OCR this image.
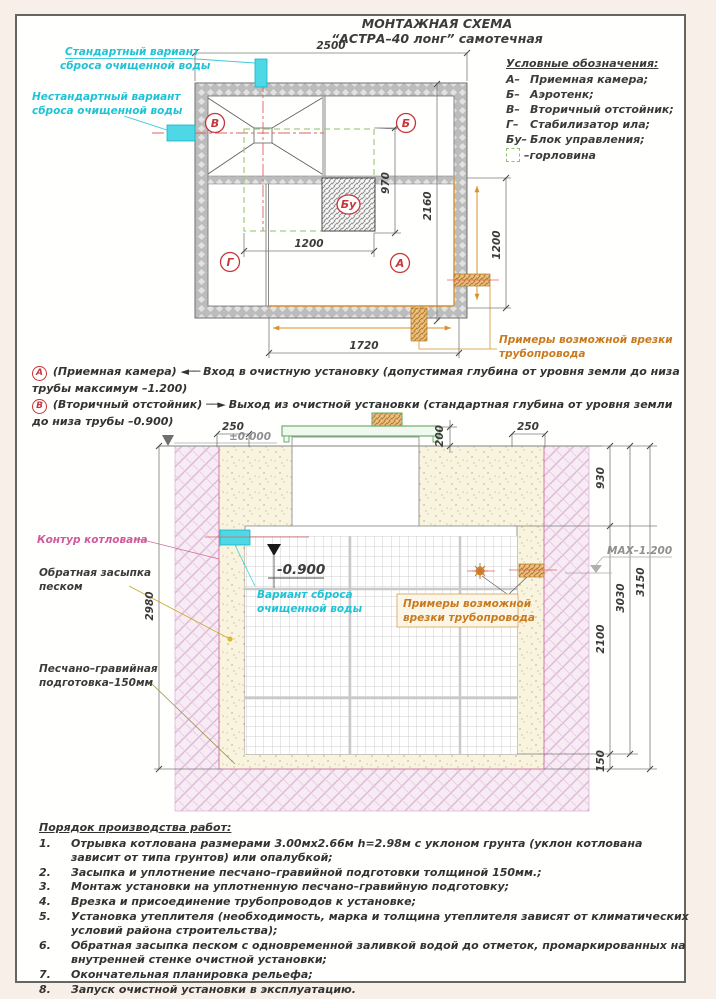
В	Б
Г	А
Бу
2500
2160
970
1200
1720
1200
Стандартный вариант
сброса очищенной воды
Нестандартный вариант
сброса очищенной воды
Примеры возможной врезки
трубопровода
±0.000
MAX–1.200
-0.900
Примеры возможной
врезки трубопровода
250	250
200
930
2100
150
3030
3150
2980
Контур котлована
Обратная засыпка
песком
Песчано–гравийная
подготовка–150мм
Вариант сброса
очищенной воды
МОНТАЖНАЯ СХЕМА
“АСТРА–40 лонг” самотечная
Условные обозначения:
А– Приемная камера;
Б– Аэротенк;
В– Вторичный отстойник;
Г–	Стабилизатор ила;
Бу– Блок управления;
–горловина

А (Приемная камера) ◄── Вход в очистную установку (допустимая глубина от уровня земли до низа трубы максимум –1.200)

В (Вторичный отстойник) ──► Выход из очистной установки (стандартная глубина от уровня земли до низа трубы –0.900)

Порядок производства работ:
1.	Отрывка котлована размерами 3.00мх2.66м h=2.98м с уклоном грунта (уклон котлована зависит от типа грунтов) или опалубкой;
2.	Засыпка и уплотнение песчано–гравийной подготовки толщиной 150мм.;
3.	Монтаж установки на уплотненную песчано–гравийную подготовку;
4.	Врезка и присоединение трубопроводов к установке;
5.	Установка утеплителя (необходимость, марка и толщина утеплителя зависят от климатических условий района строительства);
6.	Обратная засыпка песком с одновременной заливкой водой до отметок, промаркированных на внутренней стенке очистной установки;
7.	Окончательная планировка рельефа;
8.	Запуск очистной установки в эксплуатацию.
